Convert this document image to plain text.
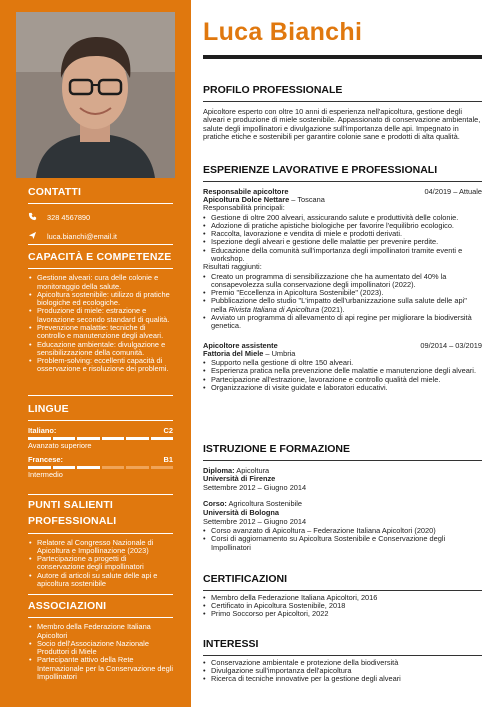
CONTATTI
328 4567890
luca.bianchi@email.it
CAPACITÀ E COMPETENZE
• Gestione alveari: cura delle colonie e monitoraggio della salute.
• Apicoltura sostenibile: utilizzo di pratiche biologiche ed ecologiche.
• Produzione di miele: estrazione e lavorazione secondo standard di qualità.
• Prevenzione malattie: tecniche di controllo e manutenzione degli alveari.
• Educazione ambientale: divulgazione e sensibilizzazione della comunità.
• Problem-solving: eccellenti capacità di osservazione e risoluzione dei problemi.
LINGUE
Italiano:	C2
Avanzato superiore
Francese:	B1
Intermedio
PUNTI SALIENTI PROFESSIONALI
• Relatore al Congresso Nazionale di Apicoltura e Impollinazione (2023)
• Partecipazione a progetti di conservazione degli impollinatori
• Autore di articoli su salute delle api e apicoltura sostenibile
ASSOCIAZIONI
• Membro della Federazione Italiana Apicoltori
• Socio dell'Associazione Nazionale Produttori di Miele
• Partecipante attivo della Rete Internazionale per la Conservazione degli Impollinatori
Luca Bianchi
PROFILO PROFESSIONALE
Apicoltore esperto con oltre 10 anni di esperienza nell'apicoltura, gestione degli alveari e produzione di miele sostenibile. Appassionato di conservazione ambientale, salute degli impollinatori e divulgazione sull'importanza delle api. Impegnato in pratiche etiche e sostenibili per garantire colonie sane e prodotti di alta qualità.
ESPERIENZE LAVORATIVE E PROFESSIONALI
Responsabile apicoltore	04/2019 – Attuale
Apicoltura Dolce Nettare – Toscana
Responsabilità principali:
• Gestione di oltre 200 alveari, assicurando salute e produttività delle colonie.
• Adozione di pratiche apistiche biologiche per favorire l'equilibrio ecologico.
• Raccolta, lavorazione e vendita di miele e prodotti derivati.
• Ispezione degli alveari e gestione delle malattie per prevenire perdite.
• Educazione della comunità sull'importanza degli impollinatori tramite eventi e workshop.
Risultati raggiunti:
• Creato un programma di sensibilizzazione che ha aumentato del 40% la consapevolezza sulla conservazione degli impollinatori (2022).
• Premio "Eccellenza in Apicoltura Sostenibile" (2023).
• Pubblicazione dello studio "L'impatto dell'urbanizzazione sulla salute delle api" nella Rivista Italiana di Apicoltura (2021).
• Avviato un programma di allevamento di api regine per migliorare la biodiversità genetica.
Apicoltore assistente	09/2014 – 03/2019
Fattoria del Miele – Umbria
• Supporto nella gestione di oltre 150 alveari.
• Esperienza pratica nella prevenzione delle malattie e manutenzione degli alveari.
• Partecipazione all'estrazione, lavorazione e controllo qualità del miele.
• Organizzazione di visite guidate e laboratori educativi.
ISTRUZIONE E FORMAZIONE
Diploma: Apicoltura
Università di Firenze
Settembre 2012 – Giugno 2014
Corso: Agricoltura Sostenibile
Università di Bologna
Settembre 2012 – Giugno 2014
• Corso avanzato di Apicoltura – Federazione Italiana Apicoltori (2020)
• Corsi di aggiornamento su Apicoltura Sostenibile e Conservazione degli Impollinatori
CERTIFICAZIONI
• Membro della Federazione Italiana Apicoltori, 2016
• Certificato in Apicoltura Sostenibile, 2018
• Primo Soccorso per Apicoltori, 2022
INTERESSI
• Conservazione ambientale e protezione della biodiversità
• Divulgazione sull'importanza dell'apicoltura
• Ricerca di tecniche innovative per la gestione degli alveari
